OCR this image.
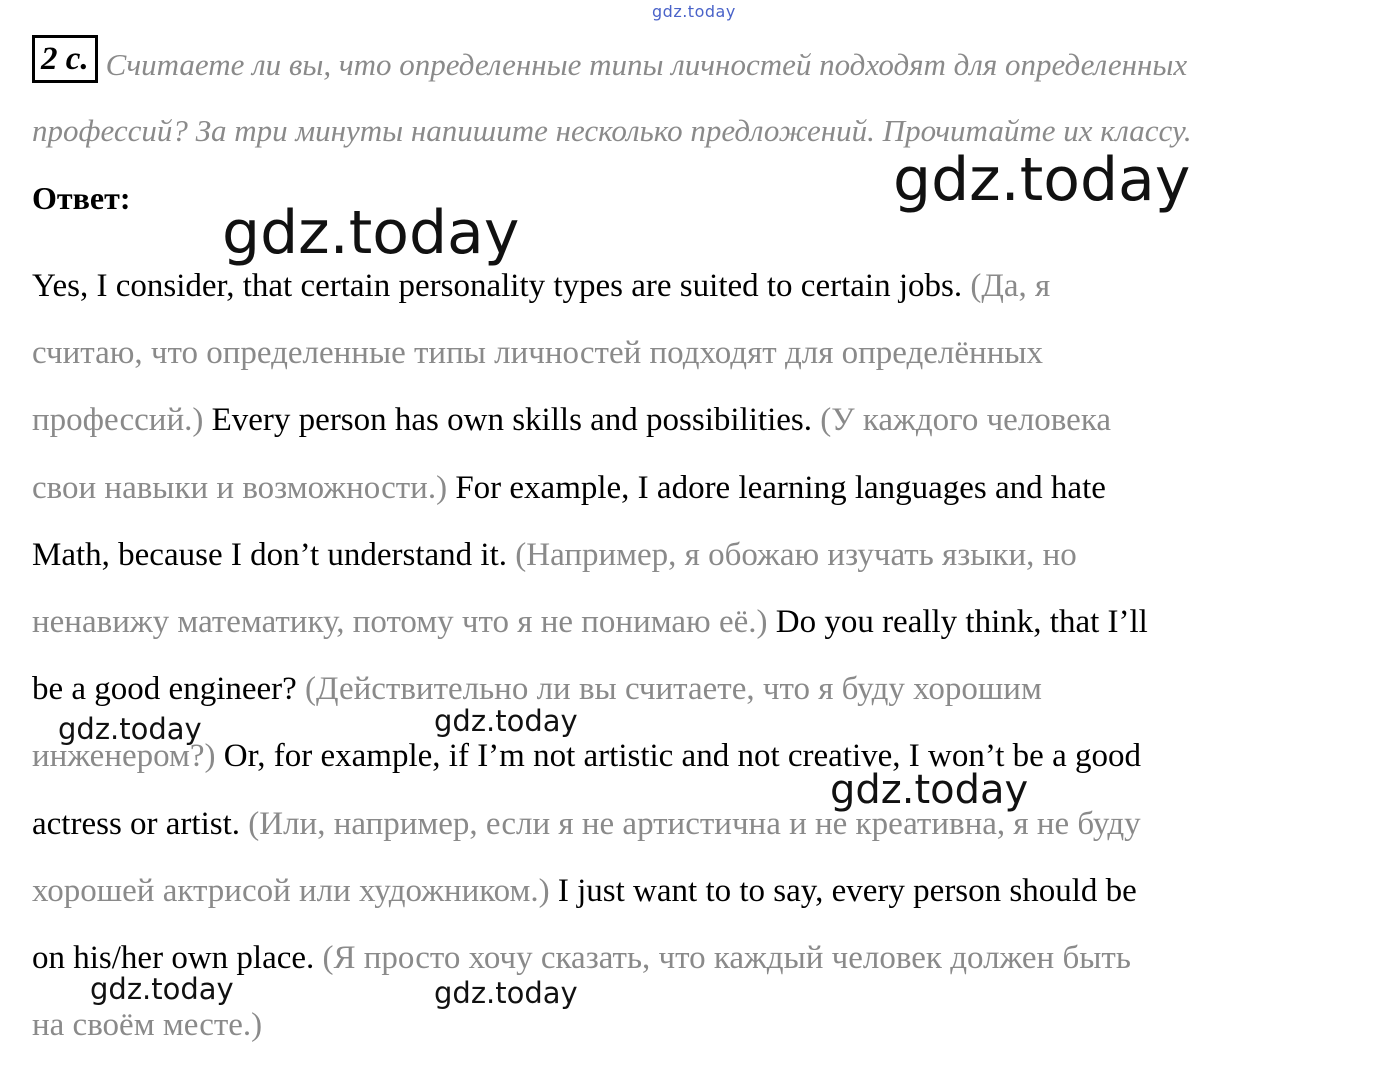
gdz.today
2 c. Считаете ли вы, что определенные типы личностей подходят для определенных
профессий? За три минуты напишите несколько предложений. Прочитайте их классу.
Ответ:
Yes, I consider, that certain personality types are suited to certain jobs. (Да, я
считаю, что определенные типы личностей подходят для определённых
профессий.) Every person has own skills and possibilities. (У каждого человека
свои навыки и возможности.) For example, I adore learning languages and hate
Math, because I don’t understand it. (Например, я обожаю изучать языки, но
ненавижу математику, потому что я не понимаю её.) Do you really think, that I’ll
be a good engineer? (Действительно ли вы считаете, что я буду хорошим
инженером?) Or, for example, if I’m not artistic and not creative, I won’t be a good
actress or artist. (Или, например, если я не артистична и не креативна, я не буду
хорошей актрисой или художником.) I just want to to say, every person should be
on his/her own place. (Я просто хочу сказать, что каждый человек должен быть
на своём месте.)
gdz.today
gdz.today
gdz.today
gdz.today	gdz.today
gdz.today	gdz.today
